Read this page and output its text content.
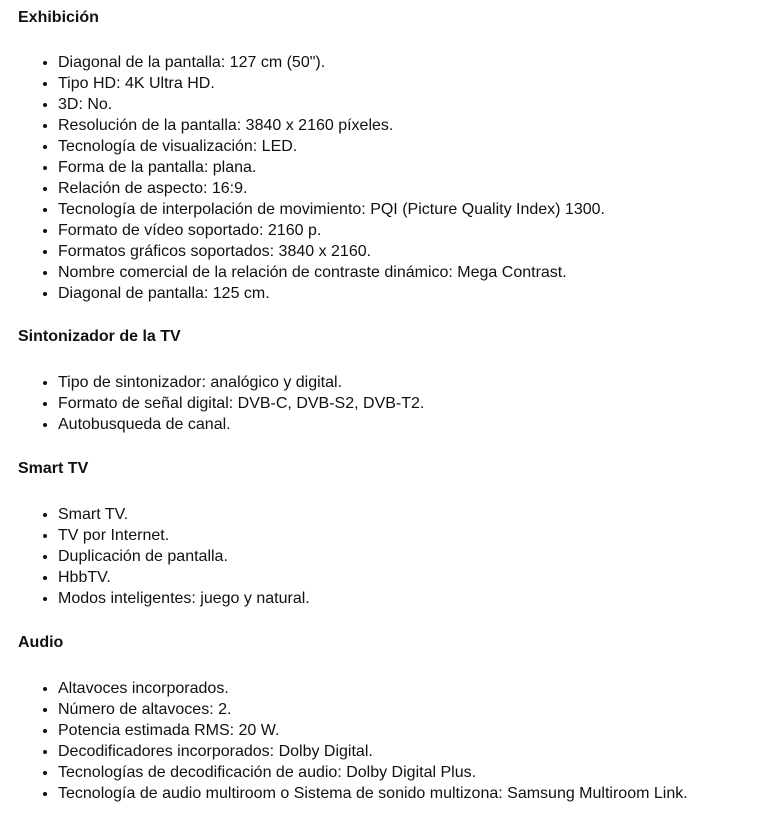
Exhibición
• Diagonal de la pantalla: 127 cm (50").
• Tipo HD: 4K Ultra HD.
• 3D: No.
• Resolución de la pantalla: 3840 x 2160 píxeles.
• Tecnología de visualización: LED.
• Forma de la pantalla: plana.
• Relación de aspecto: 16:9.
• Tecnología de interpolación de movimiento: PQI (Picture Quality Index) 1300.
• Formato de vídeo soportado: 2160 p.
• Formatos gráficos soportados: 3840 x 2160.
• Nombre comercial de la relación de contraste dinámico: Mega Contrast.
• Diagonal de pantalla: 125 cm.
Sintonizador de la TV
• Tipo de sintonizador: analógico y digital.
• Formato de señal digital: DVB-C, DVB-S2, DVB-T2.
• Autobusqueda de canal.
Smart TV
• Smart TV.
• TV por Internet.
• Duplicación de pantalla.
• HbbTV.
• Modos inteligentes: juego y natural.
Audio
• Altavoces incorporados.
• Número de altavoces: 2.
• Potencia estimada RMS: 20 W.
• Decodificadores incorporados: Dolby Digital.
• Tecnologías de decodificación de audio: Dolby Digital Plus.
• Tecnología de audio multiroom o Sistema de sonido multizona: Samsung Multiroom Link.
